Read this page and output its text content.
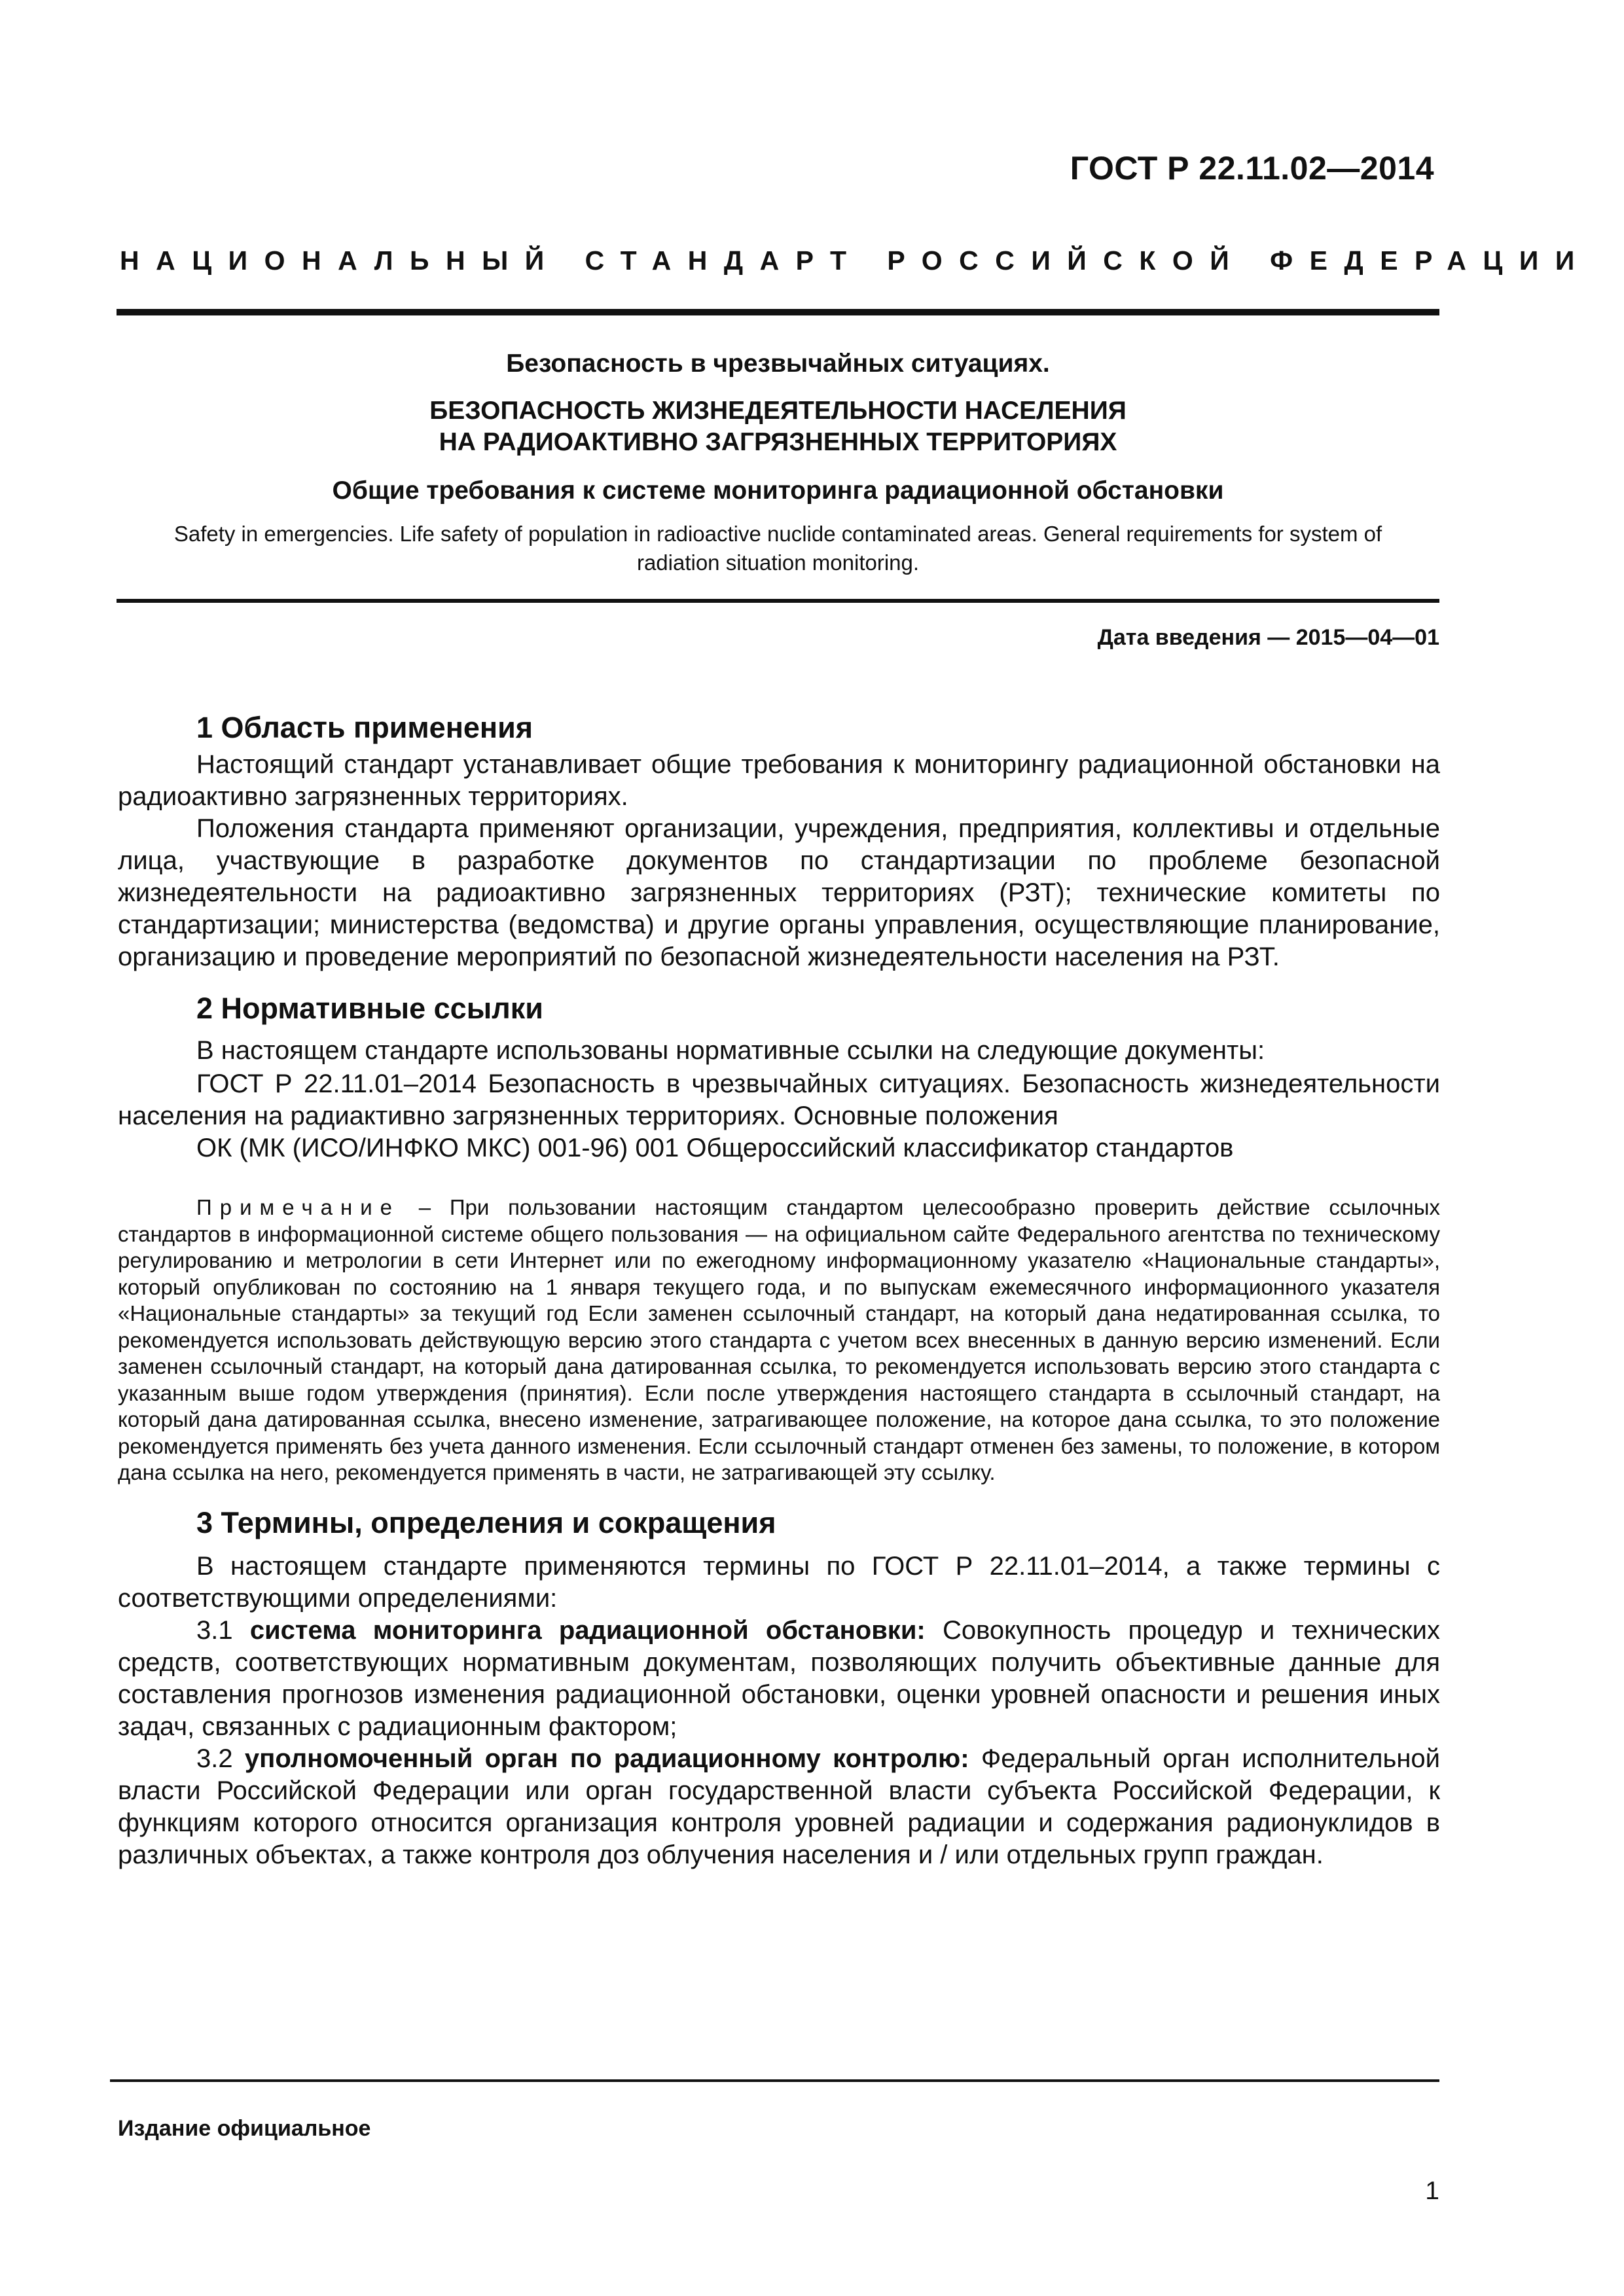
ГОСТ Р 22.11.02—2014
НАЦИОНАЛЬНЫЙ СТАНДАРТ РОССИЙСКОЙ ФЕДЕРАЦИИ
Безопасность в чрезвычайных ситуациях.
БЕЗОПАСНОСТЬ ЖИЗНЕДЕЯТЕЛЬНОСТИ НАСЕЛЕНИЯ
НА РАДИОАКТИВНО ЗАГРЯЗНЕННЫХ ТЕРРИТОРИЯХ
Общие требования к системе мониторинга радиационной обстановки
Safety in emergencies. Life safety of population in radioactive nuclide contaminated areas. General requirements for system of radiation situation monitoring.
Дата введения — 2015—04—01
1 Область применения

Настоящий стандарт устанавливает общие требования к мониторингу радиационной обстановки на радиоактивно загрязненных территориях.

Положения стандарта применяют организации, учреждения, предприятия, коллективы и отдельные лица, участвующие в разработке документов по стандартизации по проблеме безопасной жизнедеятельности на радиоактивно загрязненных территориях (РЗТ); технические комитеты по стандартизации; министерства (ведомства) и другие органы управления, осуществляющие планирование, организацию и проведение мероприятий по безопасной жизнедеятельности населения на РЗТ.

2 Нормативные ссылки

В настоящем стандарте использованы нормативные ссылки на следующие документы:

ГОСТ Р 22.11.01–2014 Безопасность в чрезвычайных ситуациях. Безопасность жизнедеятельности населения на радиактивно загрязненных территориях. Основные положения

ОК (МК (ИСО/ИНФКО МКС) 001-96) 001 Общероссийский классификатор стандартов

Примечание – При пользовании настоящим стандартом целесообразно проверить действие ссылочных стандартов в информационной системе общего пользования — на официальном сайте Федерального агентства по техническому регулированию и метрологии в сети Интернет или по ежегодному информационному указателю «Национальные стандарты», который опубликован по состоянию на 1 января текущего года, и по выпускам ежемесячного информационного указателя «Национальные стандарты» за текущий год Если заменен ссылочный стандарт, на который дана недатированная ссылка, то рекомендуется использовать действующую версию этого стандарта с учетом всех внесенных в данную версию изменений. Если заменен ссылочный стандарт, на который дана датированная ссылка, то рекомендуется использовать версию этого стандарта с указанным выше годом утверждения (принятия). Если после утверждения настоящего стандарта в ссылочный стандарт, на который дана датированная ссылка, внесено изменение, затрагивающее положение, на которое дана ссылка, то это положение рекомендуется применять без учета данного изменения. Если ссылочный стандарт отменен без замены, то положение, в котором дана ссылка на него, рекомендуется применять в части, не затрагивающей эту ссылку.

3 Термины, определения и сокращения

В настоящем стандарте применяются термины по ГОСТ Р 22.11.01–2014, а также термины с соответствующими определениями:

3.1 система мониторинга радиационной обстановки: Совокупность процедур и технических средств, соответствующих нормативным документам, позволяющих получить объективные данные для составления прогнозов изменения радиационной обстановки, оценки уровней опасности и решения иных задач, связанных с радиационным фактором;

3.2 уполномоченный орган по радиационному контролю: Федеральный орган исполнительной власти Российской Федерации или орган государственной власти субъекта Российской Федерации, к функциям которого относится организация контроля уровней радиации и содержания радионуклидов в различных объектах, а также контроля доз облучения населения и / или отдельных групп граждан.

Издание официальное
1
